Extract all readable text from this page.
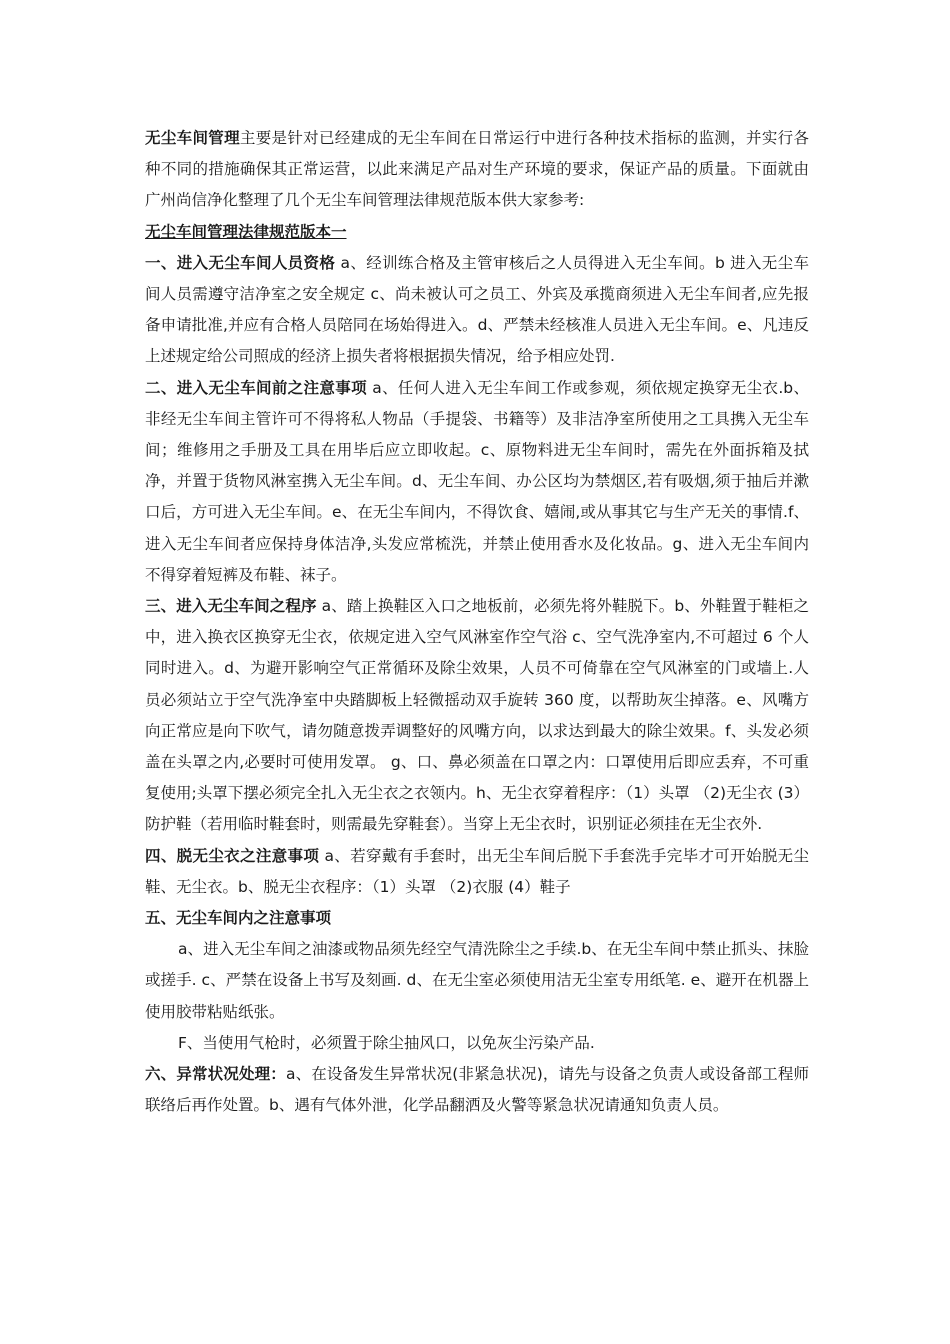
无尘车间管理主要是针对已经建成的无尘车间在日常运行中进行各种技术指标的监测，并实行各种不同的措施确保其正常运营，以此来满足产品对生产环境的要求，保证产品的质量。下面就由广州尚信净化整理了几个无尘车间管理法律规范版本供大家参考:

无尘车间管理法律规范版本一

一、进入无尘车间人员资格 a、经训练合格及主管审核后之人员得进入无尘车间。b 进入无尘车间人员需遵守洁净室之安全规定 c、尚未被认可之员工、外宾及承揽商须进入无尘车间者,应先报备申请批准,并应有合格人员陪同在场始得进入。d、严禁未经核准人员进入无尘车间。e、凡违反上述规定给公司照成的经济上损失者将根据损失情况，给予相应处罚.

二、进入无尘车间前之注意事项 a、任何人进入无尘车间工作或参观，须依规定换穿无尘衣.b、非经无尘车间主管许可不得将私人物品（手提袋、书籍等）及非洁净室所使用之工具携入无尘车间；维修用之手册及工具在用毕后应立即收起。c、原物料进无尘车间时，需先在外面拆箱及拭净，并置于货物风淋室携入无尘车间。d、无尘车间、办公区均为禁烟区,若有吸烟,须于抽后并漱口后，方可进入无尘车间。e、在无尘车间内，不得饮食、嬉闹,或从事其它与生产无关的事情.f、进入无尘车间者应保持身体洁净,头发应常梳洗，并禁止使用香水及化妆品。g、进入无尘车间内不得穿着短裤及布鞋、袜子。

三、进入无尘车间之程序 a、踏上换鞋区入口之地板前，必须先将外鞋脱下。b、外鞋置于鞋柜之中，进入换衣区换穿无尘衣，依规定进入空气风淋室作空气浴 c、空气洗净室内,不可超过 6 个人同时进入。d、为避开影响空气正常循环及除尘效果，人员不可倚靠在空气风淋室的门或墙上.人员必须站立于空气洗净室中央踏脚板上轻微摇动双手旋转 360 度，以帮助灰尘掉落。e、风嘴方向正常应是向下吹气，请勿随意拨弄调整好的风嘴方向，以求达到最大的除尘效果。f、头发必须盖在头罩之内,必要时可使用发罩。 g、口、鼻必须盖在口罩之内：口罩使用后即应丢弃，不可重复使用;头罩下摆必须完全扎入无尘衣之衣领内。h、无尘衣穿着程序：（1）头罩 （2)无尘衣 (3）防护鞋（若用临时鞋套时，则需最先穿鞋套）。当穿上无尘衣时，识别证必须挂在无尘衣外.

四、脱无尘衣之注意事项 a、若穿戴有手套时，出无尘车间后脱下手套洗手完毕才可开始脱无尘鞋、无尘衣。b、脱无尘衣程序：（1）头罩 （2)衣服 (4）鞋子

五、无尘车间内之注意事项

a、进入无尘车间之油漆或物品须先经空气清洗除尘之手续.b、在无尘车间中禁止抓头、抹脸或搓手. c、严禁在设备上书写及刻画. d、在无尘室必须使用洁无尘室专用纸笔. e、避开在机器上使用胶带粘贴纸张。

F、当使用气枪时，必须置于除尘抽风口，以免灰尘污染产品.

六、异常状况处理：a、在设备发生异常状况(非紧急状况)，请先与设备之负责人或设备部工程师联络后再作处置。b、遇有气体外泄，化学品翻洒及火警等紧急状况请通知负责人员。
